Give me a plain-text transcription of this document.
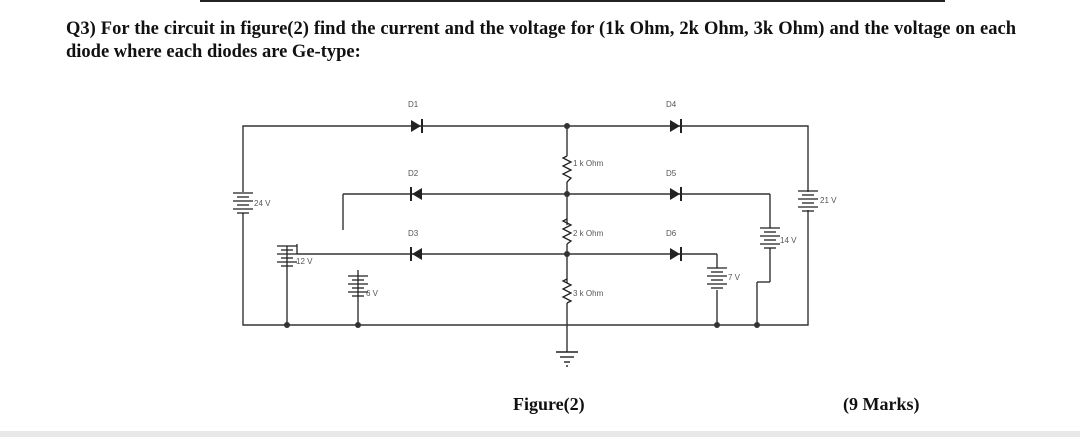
Q3) For the circuit in figure(2) find the current and the voltage for (1k Ohm, 2k Ohm, 3k Ohm) and the voltage on each diode where each diodes are Ge-type:
D1	D4
D2	D5
D3	D6
1 k Ohm
2 k Ohm
3 k Ohm
24 V
12 V
6 V
21 V
14 V
7 V
Figure(2)	(9 Marks)
